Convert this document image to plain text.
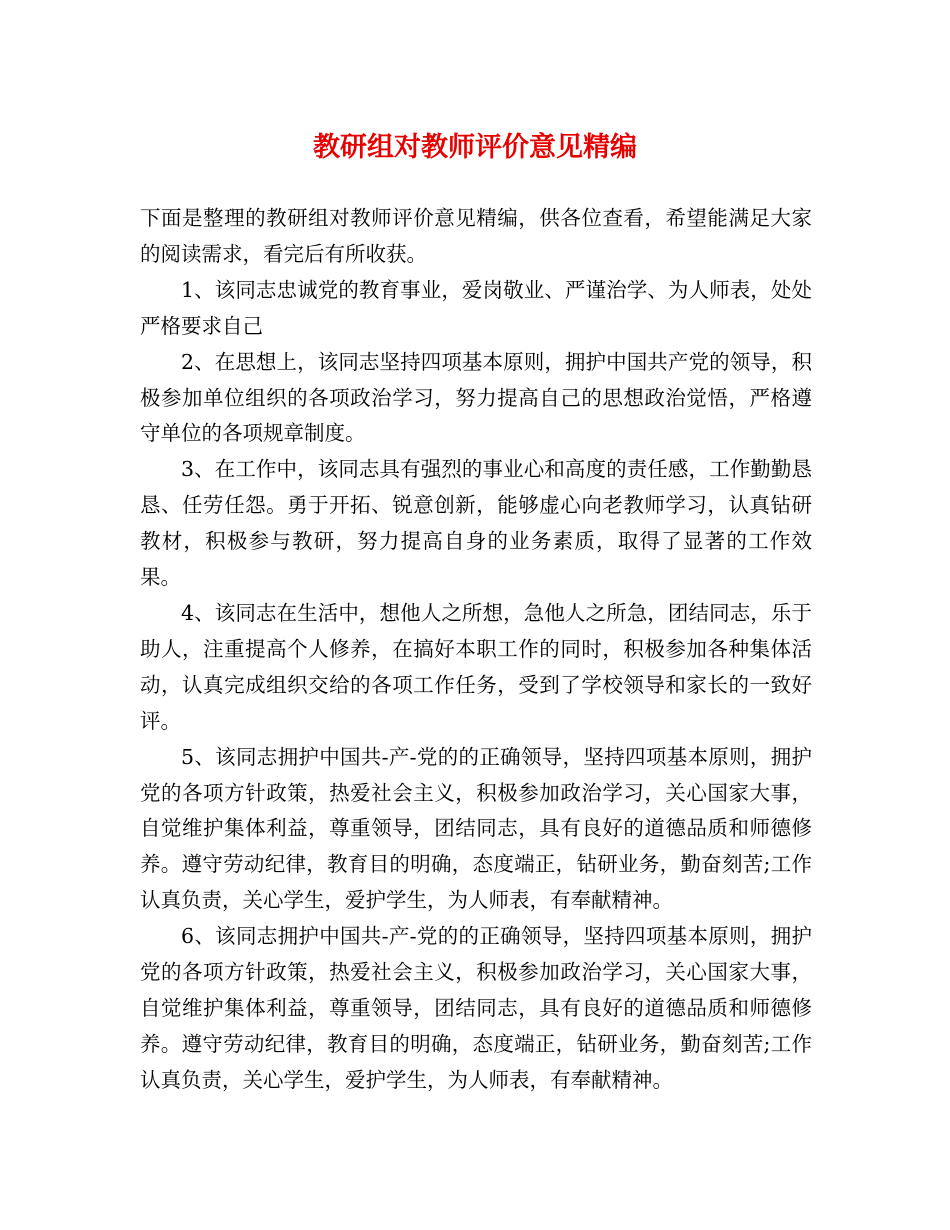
教研组对教师评价意见精编

下面是整理的教研组对教师评价意见精编，供各位查看，希望能满足大家的阅读需求，看完后有所收获。

1、该同志忠诚党的教育事业，爱岗敬业、严谨治学、为人师表，处处严格要求自己

2、在思想上，该同志坚持四项基本原则，拥护中国共产党的领导，积极参加单位组织的各项政治学习，努力提高自己的思想政治觉悟，严格遵守单位的各项规章制度。

3、在工作中，该同志具有强烈的事业心和高度的责任感，工作勤勤恳恳、任劳任怨。勇于开拓、锐意创新，能够虚心向老教师学习，认真钻研教材，积极参与教研，努力提高自身的业务素质，取得了显著的工作效果。

4、该同志在生活中，想他人之所想，急他人之所急，团结同志，乐于助人，注重提高个人修养，在搞好本职工作的同时，积极参加各种集体活动，认真完成组织交给的各项工作任务，受到了学校领导和家长的一致好评。

5、该同志拥护中国共-产-党的的正确领导，坚持四项基本原则，拥护党的各项方针政策，热爱社会主义，积极参加政治学习，关心国家大事，自觉维护集体利益，尊重领导，团结同志，具有良好的道德品质和师德修养。遵守劳动纪律，教育目的明确，态度端正，钻研业务，勤奋刻苦;工作认真负责，关心学生，爱护学生，为人师表，有奉献精神。

6、该同志拥护中国共-产-党的的正确领导，坚持四项基本原则，拥护党的各项方针政策，热爱社会主义，积极参加政治学习，关心国家大事，自觉维护集体利益，尊重领导，团结同志，具有良好的道德品质和师德修养。遵守劳动纪律，教育目的明确，态度端正，钻研业务，勤奋刻苦;工作认真负责，关心学生，爱护学生，为人师表，有奉献精神。
